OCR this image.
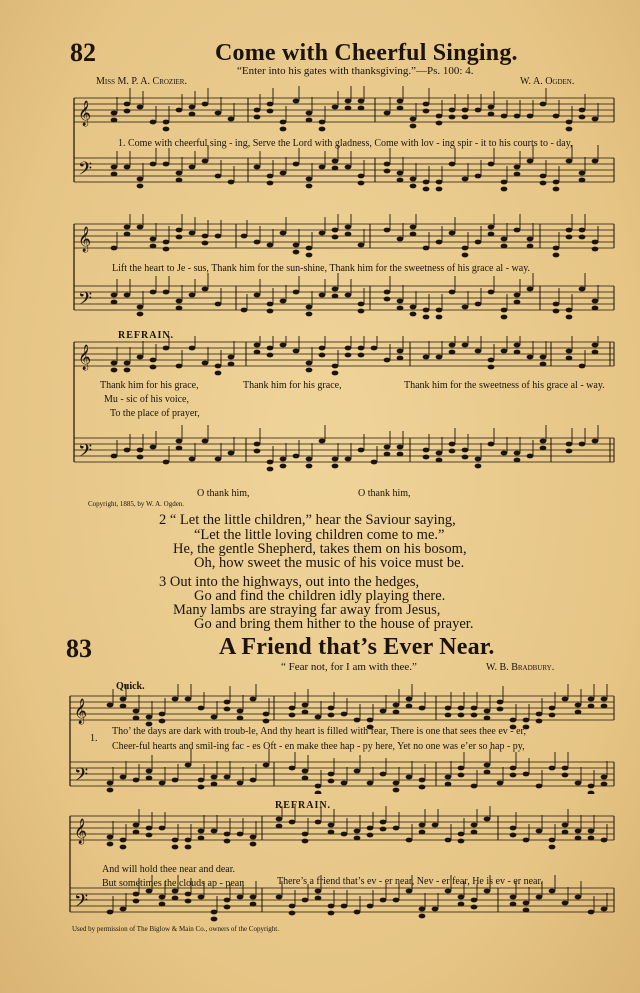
82	Come with Cheerful Singing.
“Enter into his gates with thanksgiving.”—Ps. 100: 4.
Miss M. P. A. Crozier.	W. A. Ogden.
𝄞
𝄢
1. Come with cheerful sing - ing, Serve the Lord with gladness, Come with lov - ing spir - it to his courts to - day,
𝄞
𝄢
Lift the heart to Je - sus, Thank him for the sun-shine, Thank him for the sweetness of his grace al - way.
REFRAIN.
𝄞
𝄢
Thank him for his grace,
Mu - sic of his voice,
To the place of prayer,
Thank him for his grace,	Thank him for the sweetness of his grace al - way.
O thank him,	O thank him,
Copyright, 1885, by W. A. Ogden.
2 “ Let the little children,” hear the Saviour saying,
“Let the little loving children come to me.”
He, the gentle Shepherd, takes them on his bosom,
Oh, how sweet the music of his voice must be.
3 Out into the highways, out into the hedges,
Go and find the children idly playing there.
Many lambs are straying far away from Jesus,
Go and bring them hither to the house of prayer.
83	A Friend that’s Ever Near.
“ Fear not, for I am with thee.”	W. B. Bradbury.
Quick.
𝄞
𝄢
1.
Tho’ the days are dark with troub-le, And thy heart is filled with fear, There is one that sees thee ev - er,
Cheer-ful hearts and smil-ing fac - es Oft - en make thee hap - py here, Yet no one was e’er so hap - py,
REFRAIN.
𝄞
𝄢
And will hold thee near and dear.
But sometimes the clouds ap - pear.	There’s a friend that’s ev - er near, Nev - er fear, He is ev - er near.
Used by permission of The Biglow & Main Co., owners of the Copyright.
